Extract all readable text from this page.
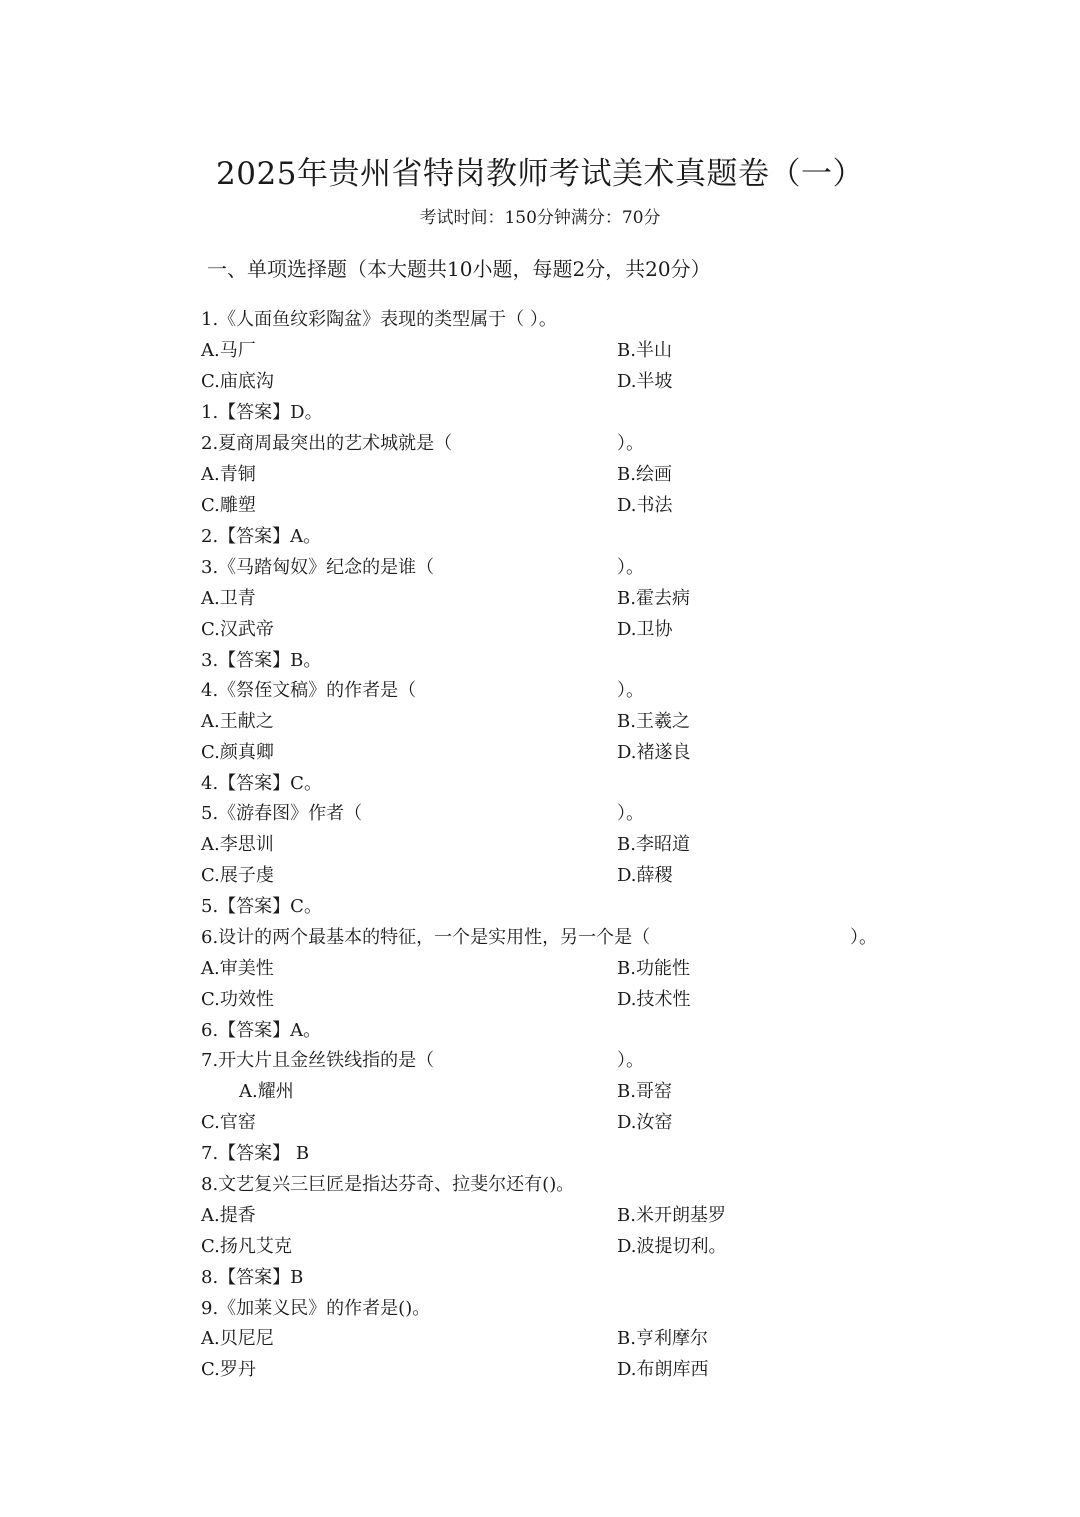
2025年贵州省特岗教师考试美术真题卷（一）
考试时间：150分钟满分：70分
一、单项选择题（本大题共10小题，每题2分，共20分）
1.《人面鱼纹彩陶盆》表现的类型属于（ ）。
A.马厂	B.半山
C.庙底沟	D.半坡
1.【答案】D。
2.夏商周最突出的艺术城就是（	）。
A.青铜	B.绘画
C.雕塑	D.书法
2.【答案】A。
3.《马踏匈奴》纪念的是谁（	）。
A.卫青	B.霍去病
C.汉武帝	D.卫协
3.【答案】B。
4.《祭侄文稿》的作者是（	）。
A.王献之	B.王羲之
C.颜真卿	D.褚遂良
4.【答案】C。
5.《游春图》作者（	）。
A.李思训	B.李昭道
C.展子虔	D.薛稷
5.【答案】C。
6.设计的两个最基本的特征，一个是实用性，另一个是（	）。
A.审美性	B.功能性
C.功效性	D.技术性
6.【答案】A。
7.开大片且金丝铁线指的是（	）。
A.耀州	B.哥窑
C.官窑	D.汝窑
7.【答案】 B
8.文艺复兴三巨匠是指达芬奇、拉斐尔还有()。
A.提香	B.米开朗基罗
C.扬凡艾克	D.波提切利。
8.【答案】B
9.《加莱义民》的作者是()。
A.贝尼尼	B.亨利摩尔
C.罗丹	D.布朗库西
